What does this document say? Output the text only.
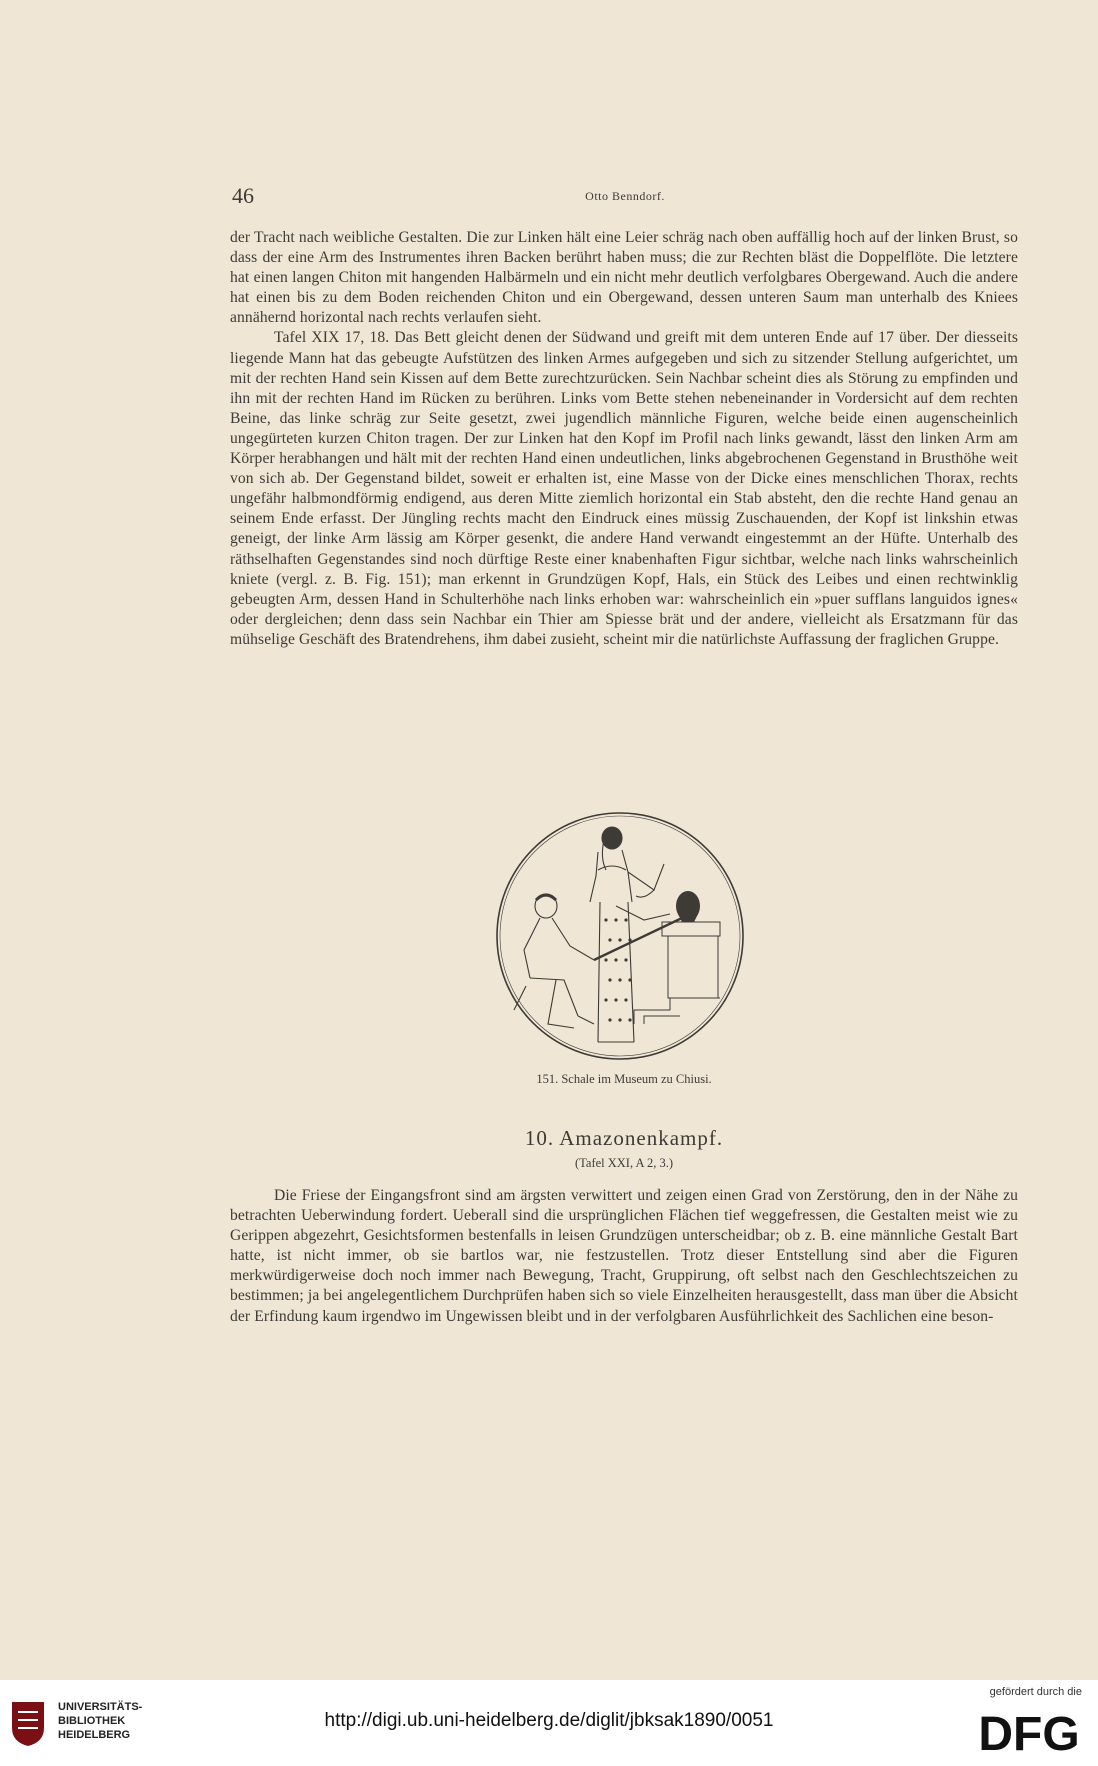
46	Otto Benndorf.

der Tracht nach weibliche Gestalten. Die zur Linken hält eine Leier schräg nach oben auffällig hoch auf der linken Brust, so dass der eine Arm des Instrumentes ihren Backen berührt haben muss; die zur Rechten bläst die Doppelflöte. Die letztere hat einen langen Chiton mit hangenden Halbärmeln und ein nicht mehr deutlich verfolgbares Obergewand. Auch die andere hat einen bis zu dem Boden reichenden Chiton und ein Obergewand, dessen unteren Saum man unterhalb des Kniees annähernd horizontal nach rechts verlaufen sieht.

Tafel XIX 17, 18. Das Bett gleicht denen der Südwand und greift mit dem unteren Ende auf 17 über. Der diesseits liegende Mann hat das gebeugte Aufstützen des linken Armes aufgegeben und sich zu sitzender Stellung aufgerichtet, um mit der rechten Hand sein Kissen auf dem Bette zurechtzurücken. Sein Nachbar scheint dies als Störung zu empfinden und ihn mit der rechten Hand im Rücken zu berühren. Links vom Bette stehen nebeneinander in Vordersicht auf dem rechten Beine, das linke schräg zur Seite gesetzt, zwei jugendlich männliche Figuren, welche beide einen augenscheinlich ungegürteten kurzen Chiton tragen. Der zur Linken hat den Kopf im Profil nach links gewandt, lässt den linken Arm am Körper herabhangen und hält mit der rechten Hand einen undeutlichen, links abgebrochenen Gegenstand in Brusthöhe weit von sich ab. Der Gegenstand bildet, soweit er erhalten ist, eine Masse von der Dicke eines menschlichen Thorax, rechts ungefähr halbmondförmig endigend, aus deren Mitte ziemlich horizontal ein Stab absteht, den die rechte Hand genau an seinem Ende erfasst. Der Jüngling rechts macht den Eindruck eines müssig Zuschauenden, der Kopf ist linkshin etwas geneigt, der linke Arm lässig am Körper gesenkt, die andere Hand verwandt eingestemmt an der Hüfte. Unterhalb des räthselhaften Gegenstandes sind noch dürftige Reste einer knabenhaften Figur sichtbar, welche nach links wahrscheinlich kniete (vergl. z. B. Fig. 151); man erkennt in Grundzügen Kopf, Hals, ein Stück des Leibes und einen rechtwinklig gebeugten Arm, dessen Hand in Schulterhöhe nach links erhoben war: wahrscheinlich ein »puer sufflans languidos ignes« oder dergleichen; denn dass sein Nachbar ein Thier am Spiesse brät und der andere, vielleicht als Ersatzmann für das mühselige Geschäft des Bratendrehens, ihm dabei zusieht, scheint mir die natürlichste Auffassung der fraglichen Gruppe.

151. Schale im Museum zu Chiusi.
10. Amazonenkampf.
(Tafel XXI, A 2, 3.)

Die Friese der Eingangsfront sind am ärgsten verwittert und zeigen einen Grad von Zerstörung, den in der Nähe zu betrachten Ueberwindung fordert. Ueberall sind die ursprünglichen Flächen tief weggefressen, die Gestalten meist wie zu Gerippen abgezehrt, Gesichtsformen bestenfalls in leisen Grundzügen unterscheidbar; ob z. B. eine männliche Gestalt Bart hatte, ist nicht immer, ob sie bartlos war, nie festzustellen. Trotz dieser Entstellung sind aber die Figuren merkwürdigerweise doch noch immer nach Bewegung, Tracht, Gruppirung, oft selbst nach den Geschlechtszeichen zu bestimmen; ja bei angelegentlichem Durchprüfen haben sich so viele Einzelheiten herausgestellt, dass man über die Absicht der Erfindung kaum irgendwo im Ungewissen bleibt und in der verfolgbaren Ausführlichkeit des Sachlichen eine beson-

UNIVERSITÄTS-
BIBLIOTHEK
HEIDELBERG
http://digi.ub.uni-heidelberg.de/diglit/jbksak1890/0051
gefördert durch die
DFG
